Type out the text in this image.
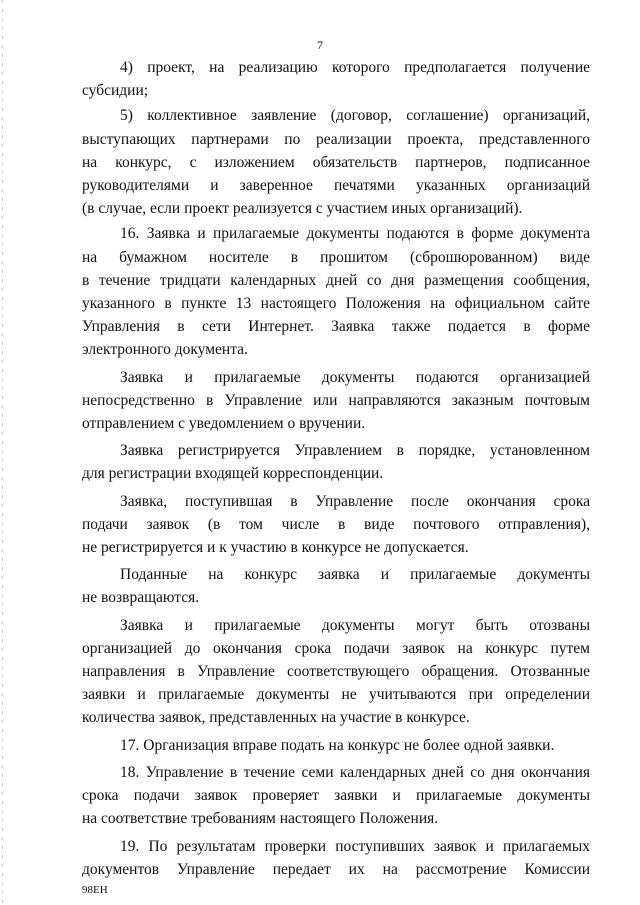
7

4) проект, на реализацию которого предполагается получение
субсидии;

5) коллективное заявление (договор, соглашение) организаций,
выступающих партнерами по реализации проекта, представленного
на конкурс, с изложением обязательств партнеров, подписанное
руководителями и заверенное печатями указанных организаций
(в случае, если проект реализуется с участием иных организаций).

16. Заявка и прилагаемые документы подаются в форме документа
на бумажном носителе в прошитом (сброшюрованном) виде
в течение тридцати календарных дней со дня размещения сообщения,
указанного в пункте 13 настоящего Положения на официальном сайте
Управления в сети Интернет. Заявка также подается в форме
электронного документа.

Заявка и прилагаемые документы подаются организацией
непосредственно в Управление или направляются заказным почтовым
отправлением с уведомлением о вручении.

Заявка регистрируется Управлением в порядке, установленном
для регистрации входящей корреспонденции.

Заявка, поступившая в Управление после окончания срока
подачи заявок (в том числе в виде почтового отправления),
не регистрируется и к участию в конкурсе не допускается.

Поданные на конкурс заявка и прилагаемые документы
не возвращаются.

Заявка и прилагаемые документы могут быть отозваны
организацией до окончания срока подачи заявок на конкурс путем
направления в Управление соответствующего обращения. Отозванные
заявки и прилагаемые документы не учитываются при определении
количества заявок, представленных на участие в конкурсе.

17. Организация вправе подать на конкурс не более одной заявки.

18. Управление в течение семи календарных дней со дня окончания
срока подачи заявок проверяет заявки и прилагаемые документы
на соответствие требованиям настоящего Положения.

19. По результатам проверки поступивших заявок и прилагаемых
документов Управление передает их на рассмотрение Комиссии

98ЕН
